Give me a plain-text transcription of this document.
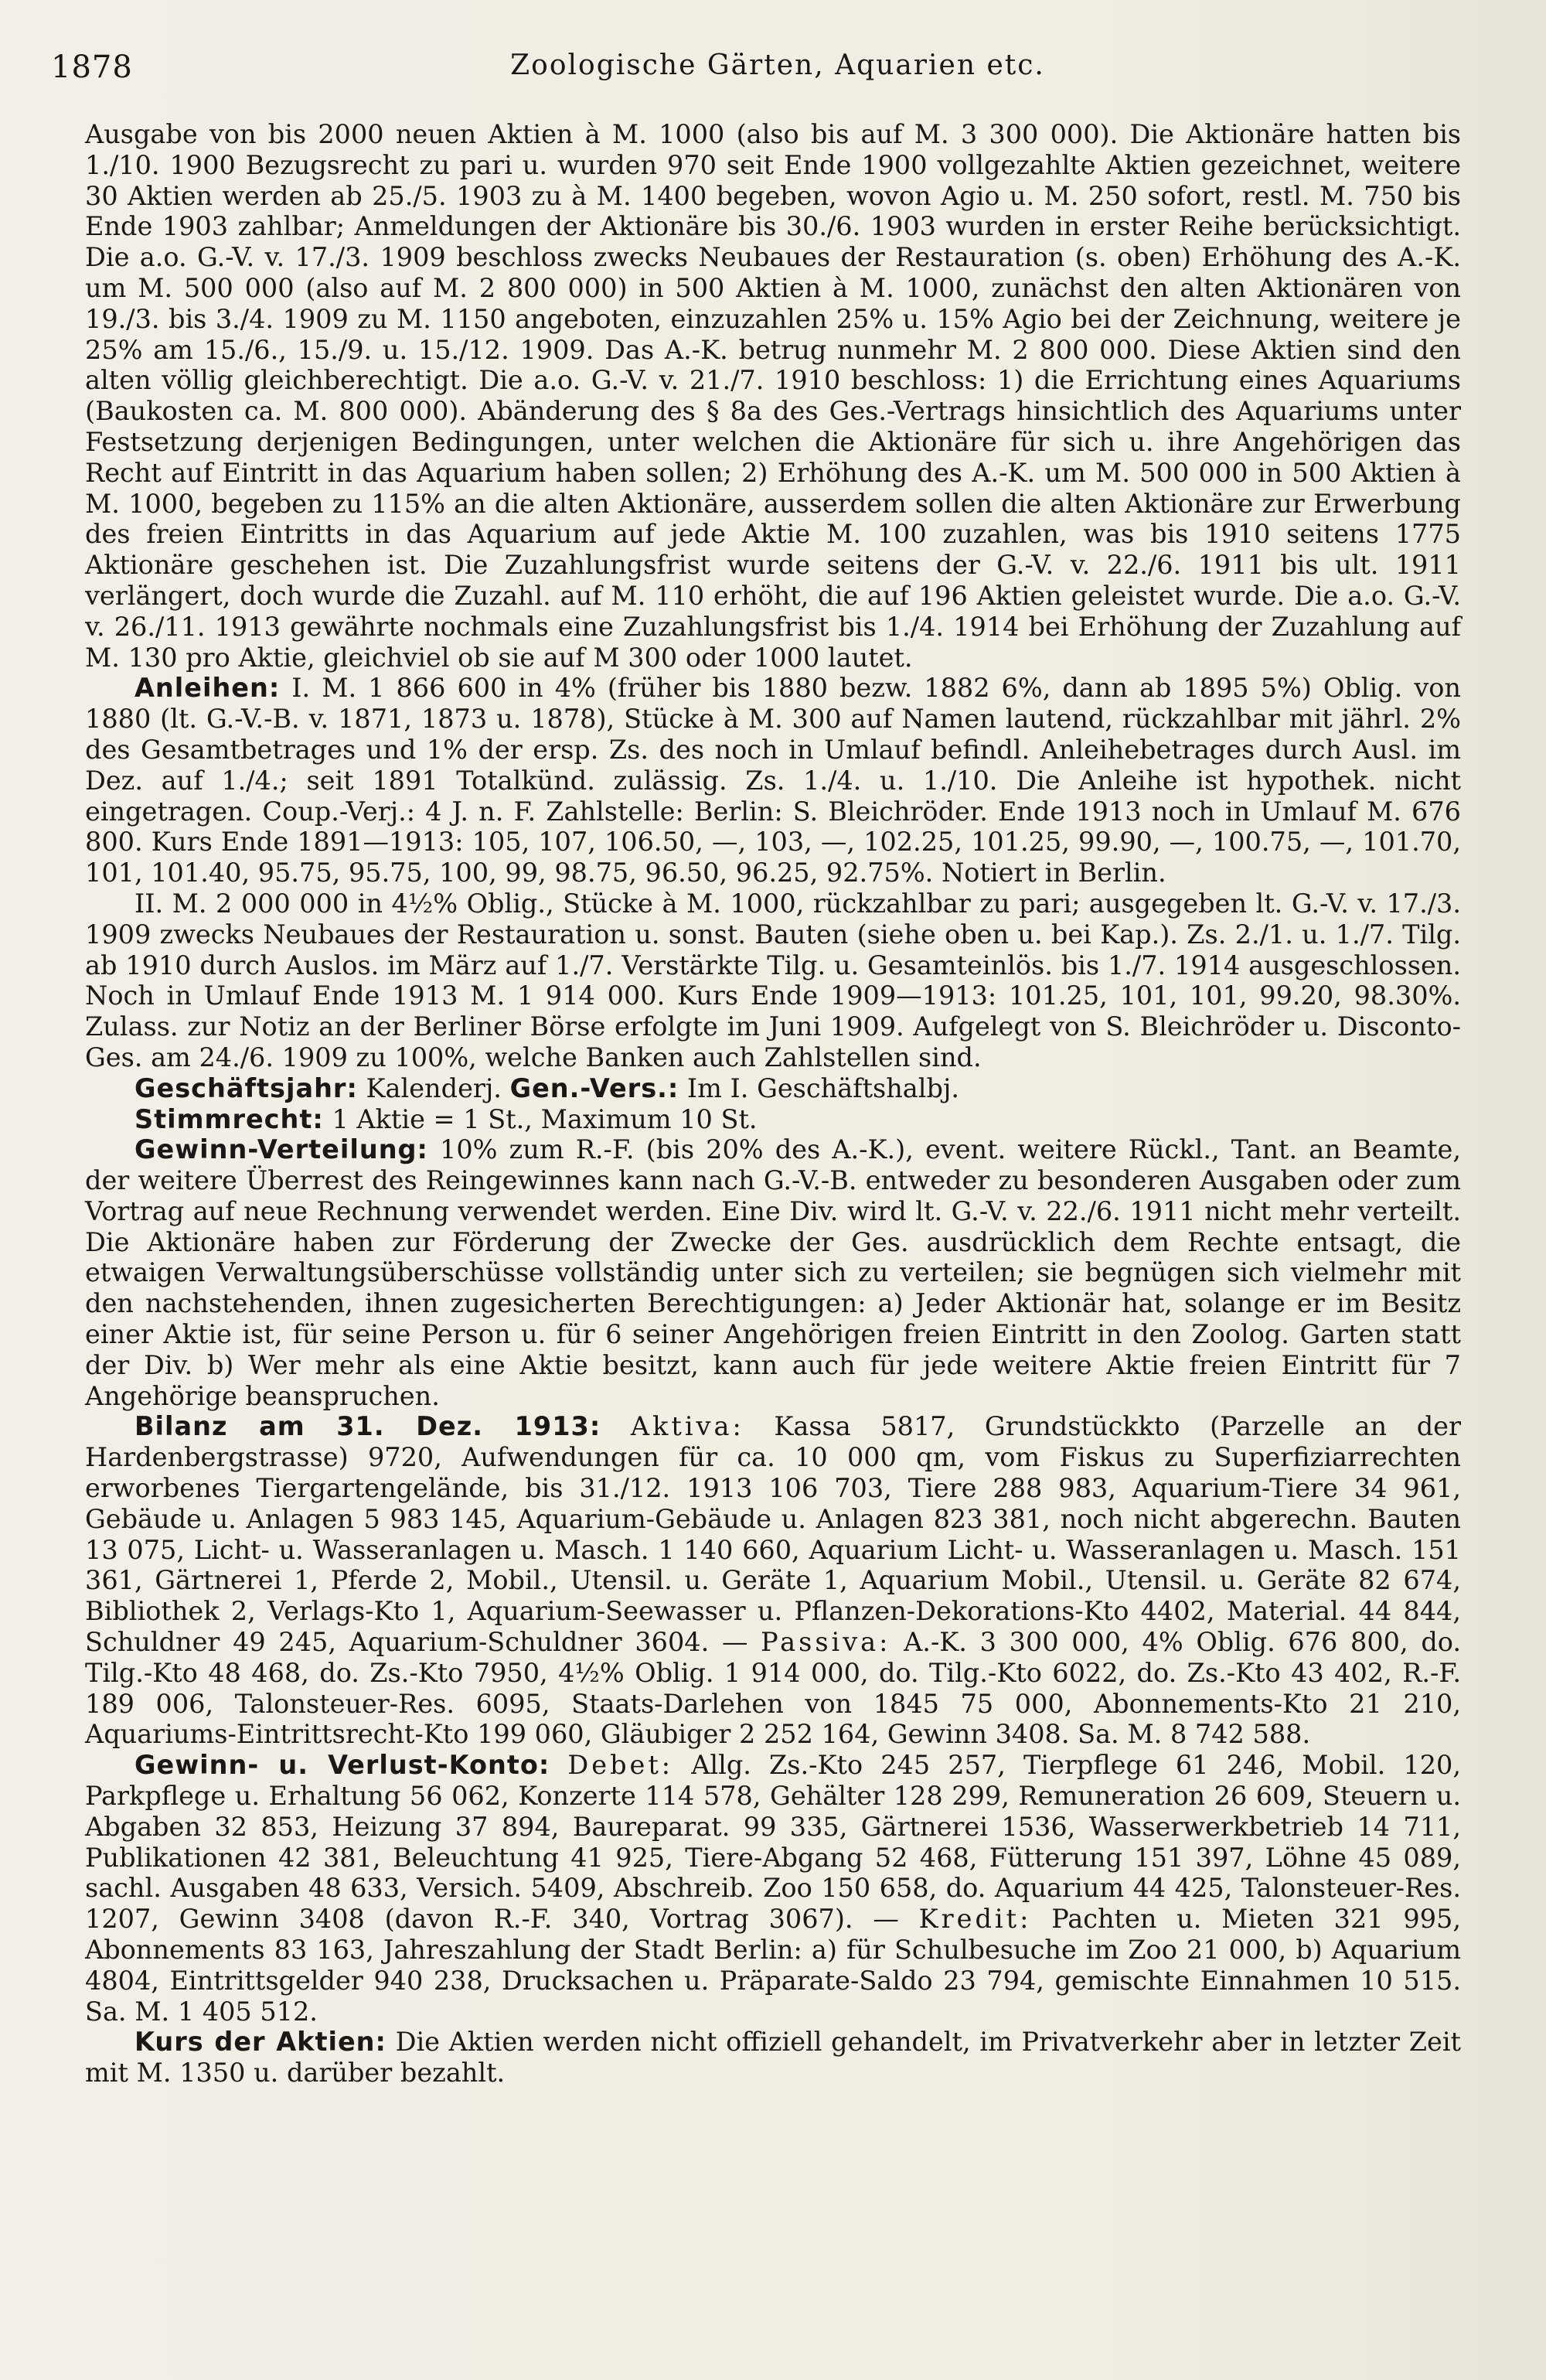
1878	Zoologische Gärten, Aquarien etc.

Ausgabe von bis 2000 neuen Aktien à M. 1000 (also bis auf M. 3 300 000). Die Aktionäre hatten bis 1./10. 1900 Bezugsrecht zu pari u. wurden 970 seit Ende 1900 vollgezahlte Aktien gezeichnet, weitere 30 Aktien werden ab 25./5. 1903 zu à M. 1400 begeben, wovon Agio u. M. 250 sofort, restl. M. 750 bis Ende 1903 zahlbar; Anmeldungen der Aktionäre bis 30./6. 1903 wurden in erster Reihe berücksichtigt. Die a.o. G.-V. v. 17./3. 1909 beschloss zwecks Neubaues der Restauration (s. oben) Erhöhung des A.-K. um M. 500 000 (also auf M. 2 800 000) in 500 Aktien à M. 1000, zunächst den alten Aktionären von 19./3. bis 3./4. 1909 zu M. 1150 angeboten, einzuzahlen 25% u. 15% Agio bei der Zeichnung, weitere je 25% am 15./6., 15./9. u. 15./12. 1909. Das A.-K. betrug nunmehr M. 2 800 000. Diese Aktien sind den alten völlig gleichberechtigt. Die a.o. G.-V. v. 21./7. 1910 beschloss: 1) die Errichtung eines Aquariums (Baukosten ca. M. 800 000). Abänderung des § 8a des Ges.-Vertrags hinsichtlich des Aquariums unter Festsetzung derjenigen Bedingungen, unter welchen die Aktionäre für sich u. ihre Angehörigen das Recht auf Eintritt in das Aquarium haben sollen; 2) Erhöhung des A.-K. um M. 500 000 in 500 Aktien à M. 1000, begeben zu 115% an die alten Aktionäre, ausserdem sollen die alten Aktionäre zur Erwerbung des freien Eintritts in das Aquarium auf jede Aktie M. 100 zuzahlen, was bis 1910 seitens 1775 Aktionäre geschehen ist. Die Zuzahlungsfrist wurde seitens der G.-V. v. 22./6. 1911 bis ult. 1911 verlängert, doch wurde die Zuzahl. auf M. 110 erhöht, die auf 196 Aktien geleistet wurde. Die a.o. G.-V. v. 26./11. 1913 gewährte nochmals eine Zuzahlungsfrist bis 1./4. 1914 bei Erhöhung der Zuzahlung auf M. 130 pro Aktie, gleichviel ob sie auf M 300 oder 1000 lautet.

Anleihen: I. M. 1 866 600 in 4% (früher bis 1880 bezw. 1882 6%, dann ab 1895 5%) Oblig. von 1880 (lt. G.-V.-B. v. 1871, 1873 u. 1878), Stücke à M. 300 auf Namen lautend, rückzahlbar mit jährl. 2% des Gesamtbetrages und 1% der ersp. Zs. des noch in Umlauf befindl. Anleihebetrages durch Ausl. im Dez. auf 1./4.; seit 1891 Totalkünd. zulässig. Zs. 1./4. u. 1./10. Die Anleihe ist hypothek. nicht eingetragen. Coup.-Verj.: 4 J. n. F. Zahlstelle: Berlin: S. Bleichröder. Ende 1913 noch in Umlauf M. 676 800. Kurs Ende 1891—1913: 105, 107, 106.50, —, 103, —, 102.25, 101.25, 99.90, —, 100.75, —, 101.70, 101, 101.40, 95.75, 95.75, 100, 99, 98.75, 96.50, 96.25, 92.75%. Notiert in Berlin.

II. M. 2 000 000 in 4½% Oblig., Stücke à M. 1000, rückzahlbar zu pari; ausgegeben lt. G.-V. v. 17./3. 1909 zwecks Neubaues der Restauration u. sonst. Bauten (siehe oben u. bei Kap.). Zs. 2./1. u. 1./7. Tilg. ab 1910 durch Auslos. im März auf 1./7. Verstärkte Tilg. u. Gesamteinlös. bis 1./7. 1914 ausgeschlossen. Noch in Umlauf Ende 1913 M. 1 914 000. Kurs Ende 1909—1913: 101.25, 101, 101, 99.20, 98.30%. Zulass. zur Notiz an der Berliner Börse erfolgte im Juni 1909. Aufgelegt von S. Bleichröder u. Disconto-Ges. am 24./6. 1909 zu 100%, welche Banken auch Zahlstellen sind.

Geschäftsjahr: Kalenderj. Gen.-Vers.: Im I. Geschäftshalbj.

Stimmrecht: 1 Aktie = 1 St., Maximum 10 St.

Gewinn-Verteilung: 10% zum R.-F. (bis 20% des A.-K.), event. weitere Rückl., Tant. an Beamte, der weitere Überrest des Reingewinnes kann nach G.-V.-B. entweder zu besonderen Ausgaben oder zum Vortrag auf neue Rechnung verwendet werden. Eine Div. wird lt. G.-V. v. 22./6. 1911 nicht mehr verteilt. Die Aktionäre haben zur Förderung der Zwecke der Ges. ausdrücklich dem Rechte entsagt, die etwaigen Verwaltungsüberschüsse vollständig unter sich zu verteilen; sie begnügen sich vielmehr mit den nachstehenden, ihnen zugesicherten Berechtigungen: a) Jeder Aktionär hat, solange er im Besitz einer Aktie ist, für seine Person u. für 6 seiner Angehörigen freien Eintritt in den Zoolog. Garten statt der Div. b) Wer mehr als eine Aktie besitzt, kann auch für jede weitere Aktie freien Eintritt für 7 Angehörige beanspruchen.

Bilanz am 31. Dez. 1913: Aktiva: Kassa 5817, Grundstückkto (Parzelle an der Hardenbergstrasse) 9720, Aufwendungen für ca. 10 000 qm, vom Fiskus zu Superfiziarrechten erworbenes Tiergartengelände, bis 31./12. 1913 106 703, Tiere 288 983, Aquarium-Tiere 34 961, Gebäude u. Anlagen 5 983 145, Aquarium-Gebäude u. Anlagen 823 381, noch nicht abgerechn. Bauten 13 075, Licht- u. Wasseranlagen u. Masch. 1 140 660, Aquarium Licht- u. Wasseranlagen u. Masch. 151 361, Gärtnerei 1, Pferde 2, Mobil., Utensil. u. Geräte 1, Aquarium Mobil., Utensil. u. Geräte 82 674, Bibliothek 2, Verlags-Kto 1, Aquarium-Seewasser u. Pflanzen-Dekorations-Kto 4402, Material. 44 844, Schuldner 49 245, Aquarium-Schuldner 3604. — Passiva: A.-K. 3 300 000, 4% Oblig. 676 800, do. Tilg.-Kto 48 468, do. Zs.-Kto 7950, 4½% Oblig. 1 914 000, do. Tilg.-Kto 6022, do. Zs.-Kto 43 402, R.-F. 189 006, Talonsteuer-Res. 6095, Staats-Darlehen von 1845 75 000, Abonnements-Kto 21 210, Aquariums-Eintrittsrecht-Kto 199 060, Gläubiger 2 252 164, Gewinn 3408. Sa. M. 8 742 588.

Gewinn- u. Verlust-Konto: Debet: Allg. Zs.-Kto 245 257, Tierpflege 61 246, Mobil. 120, Parkpflege u. Erhaltung 56 062, Konzerte 114 578, Gehälter 128 299, Remuneration 26 609, Steuern u. Abgaben 32 853, Heizung 37 894, Baureparat. 99 335, Gärtnerei 1536, Wasserwerkbetrieb 14 711, Publikationen 42 381, Beleuchtung 41 925, Tiere-Abgang 52 468, Fütterung 151 397, Löhne 45 089, sachl. Ausgaben 48 633, Versich. 5409, Abschreib. Zoo 150 658, do. Aquarium 44 425, Talonsteuer-Res. 1207, Gewinn 3408 (davon R.-F. 340, Vortrag 3067). — Kredit: Pachten u. Mieten 321 995, Abonnements 83 163, Jahreszahlung der Stadt Berlin: a) für Schulbesuche im Zoo 21 000, b) Aquarium 4804, Eintrittsgelder 940 238, Drucksachen u. Präparate-Saldo 23 794, gemischte Einnahmen 10 515. Sa. M. 1 405 512.

Kurs der Aktien: Die Aktien werden nicht offiziell gehandelt, im Privatverkehr aber in letzter Zeit mit M. 1350 u. darüber bezahlt.
